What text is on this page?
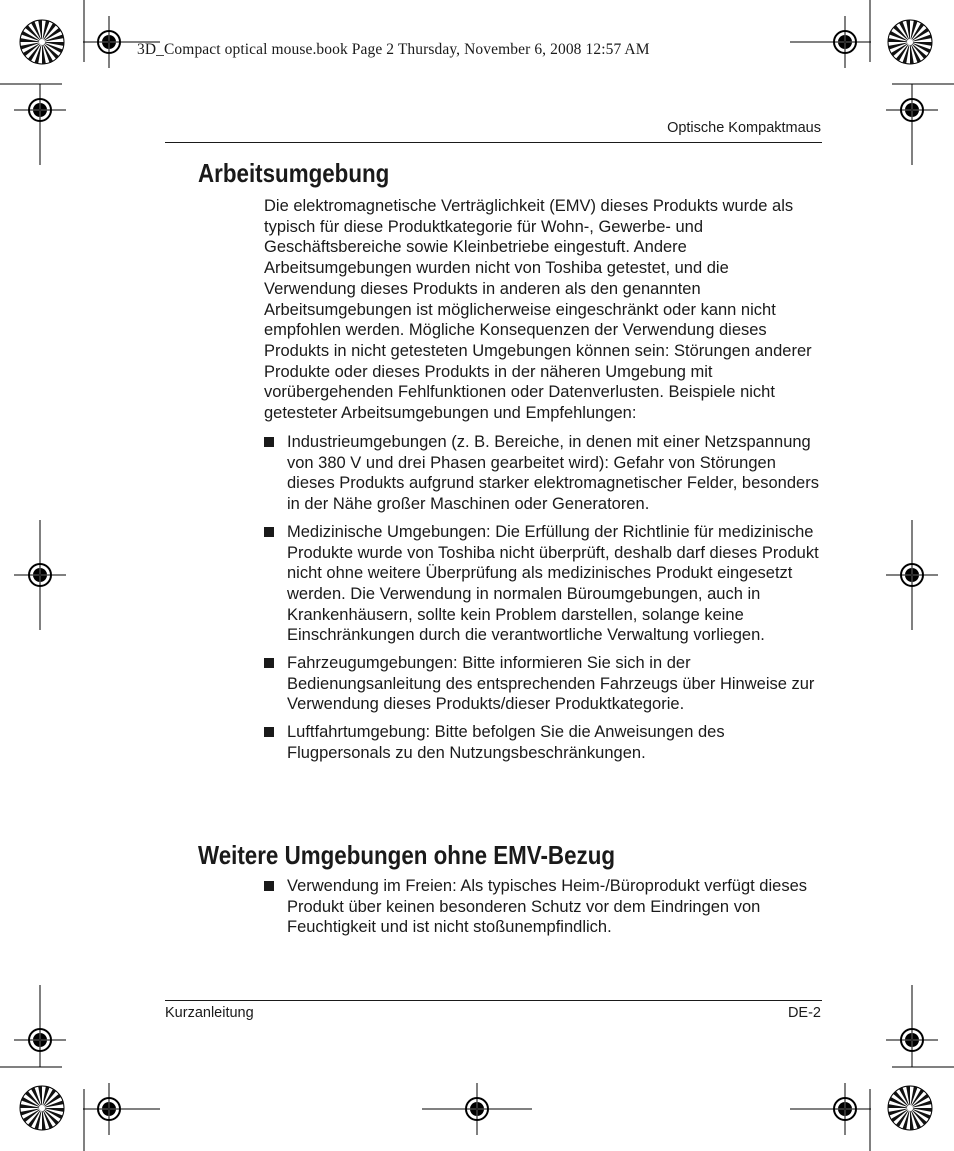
3D_Compact optical mouse.book Page 2 Thursday, November 6, 2008 12:57 AM
Optische Kompaktmaus
Arbeitsumgebung

Die elektromagnetische Verträglichkeit (EMV) dieses Produkts wurde als typisch für diese Produktkategorie für Wohn-, Gewerbe- und Geschäftsbereiche sowie Kleinbetriebe eingestuft. Andere Arbeitsumgebungen wurden nicht von Toshiba getestet, und die Verwendung dieses Produkts in anderen als den genannten Arbeitsumgebungen ist möglicherweise eingeschränkt oder kann nicht empfohlen werden. Mögliche Konsequenzen der Verwendung dieses Produkts in nicht getesteten Umgebungen können sein: Störungen anderer Produkte oder dieses Produkts in der näheren Umgebung mit vorübergehenden Fehlfunktionen oder Datenverlusten. Beispiele nicht getesteter Arbeitsumgebungen und Empfehlungen:

Industrieumgebungen (z. B. Bereiche, in denen mit einer Netzspannung von 380 V und drei Phasen gearbeitet wird): Gefahr von Störungen dieses Produkts aufgrund starker elektromagnetischer Felder, besonders in der Nähe großer Maschinen oder Generatoren.
Medizinische Umgebungen: Die Erfüllung der Richtlinie für medizinische Produkte wurde von Toshiba nicht überprüft, deshalb darf dieses Produkt nicht ohne weitere Überprüfung als medizinisches Produkt eingesetzt werden. Die Verwendung in normalen Büroumgebungen, auch in Krankenhäusern, sollte kein Problem darstellen, solange keine Einschränkungen durch die verantwortliche Verwaltung vorliegen.
Fahrzeugumgebungen: Bitte informieren Sie sich in der Bedienungsanleitung des entsprechenden Fahrzeugs über Hinweise zur Verwendung dieses Produkts/dieser Produktkategorie.
Luftfahrtumgebung: Bitte befolgen Sie die Anweisungen des Flugpersonals zu den Nutzungsbeschränkungen.
Weitere Umgebungen ohne EMV-Bezug
Verwendung im Freien: Als typisches Heim-/Büroprodukt verfügt dieses Produkt über keinen besonderen Schutz vor dem Eindringen von Feuchtigkeit und ist nicht stoßunempfindlich.
Kurzanleitung	DE-2
